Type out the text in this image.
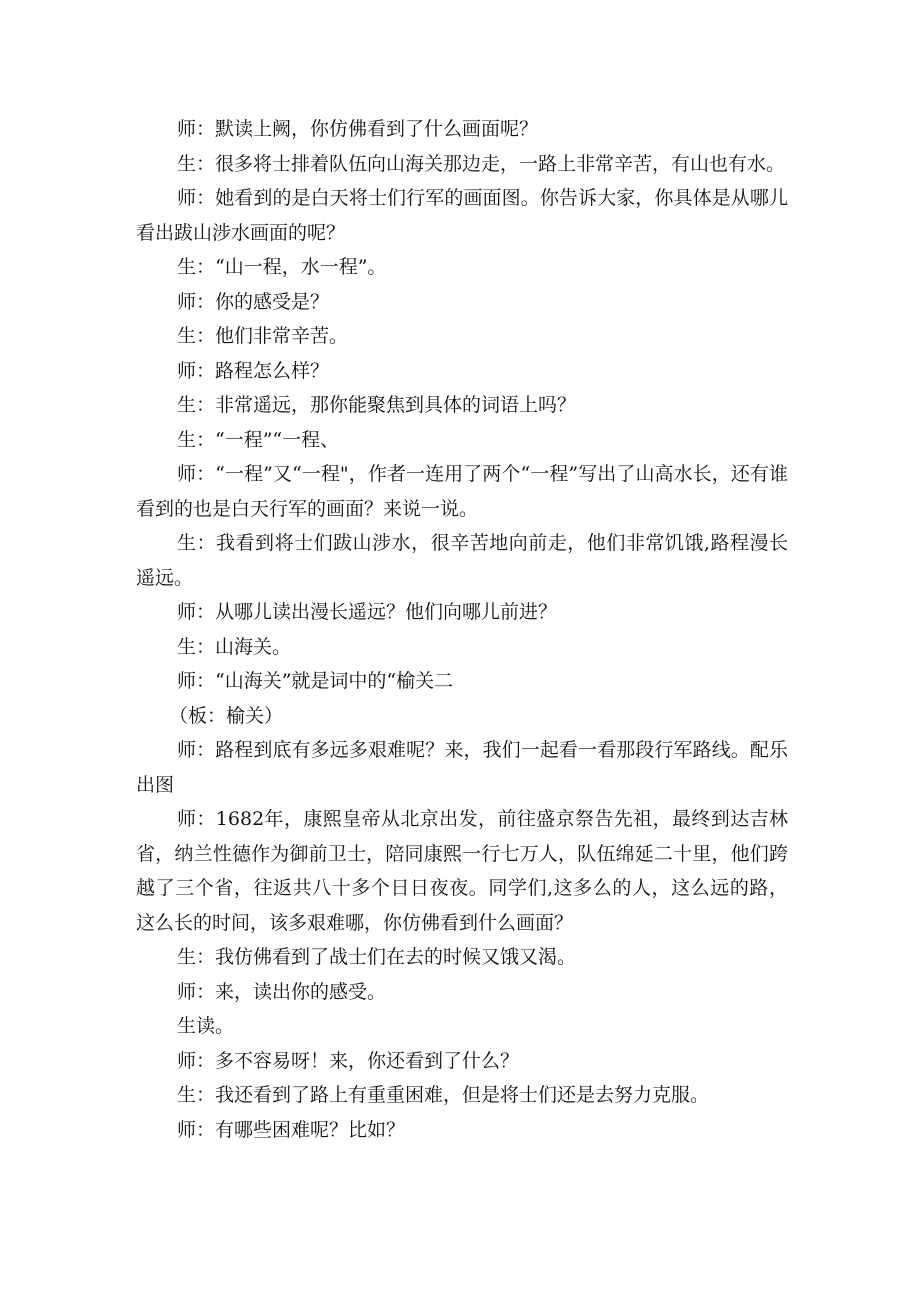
师：默读上阙，你仿佛看到了什么画面呢？

生：很多将士排着队伍向山海关那边走，一路上非常辛苦，有山也有水。

师：她看到的是白天将士们行军的画面图。你告诉大家，你具体是从哪儿看出跋山涉水画面的呢？

生：“山一程，水一程”。

师：你的感受是？

生：他们非常辛苦。

师：路程怎么样？

生：非常遥远，那你能聚焦到具体的词语上吗？

生：“一程”“一程、

师：“一程”又“一程"，作者一连用了两个“一程”写出了山高水长，还有谁看到的也是白天行军的画面？来说一说。

生：我看到将士们跋山涉水，很辛苦地向前走，他们非常饥饿,路程漫长遥远。

师：从哪儿读出漫长遥远？他们向哪儿前进？

生：山海关。

师：“山海关”就是词中的“榆关二

（板：榆关）

师：路程到底有多远多艰难呢？来，我们一起看一看那段行军路线。配乐出图

师：1682年，康熙皇帝从北京出发，前往盛京祭告先祖，最终到达吉林省，纳兰性德作为御前卫士，陪同康熙一行七万人，队伍绵延二十里，他们跨越了三个省，往返共八十多个日日夜夜。同学们,这多么的人，这么远的路，这么长的时间，该多艰难哪，你仿佛看到什么画面？

生：我仿佛看到了战士们在去的时候又饿又渴。

师：来，读出你的感受。

生读。

师：多不容易呀！来，你还看到了什么？

生：我还看到了路上有重重困难，但是将士们还是去努力克服。

师：有哪些困难呢？比如？
